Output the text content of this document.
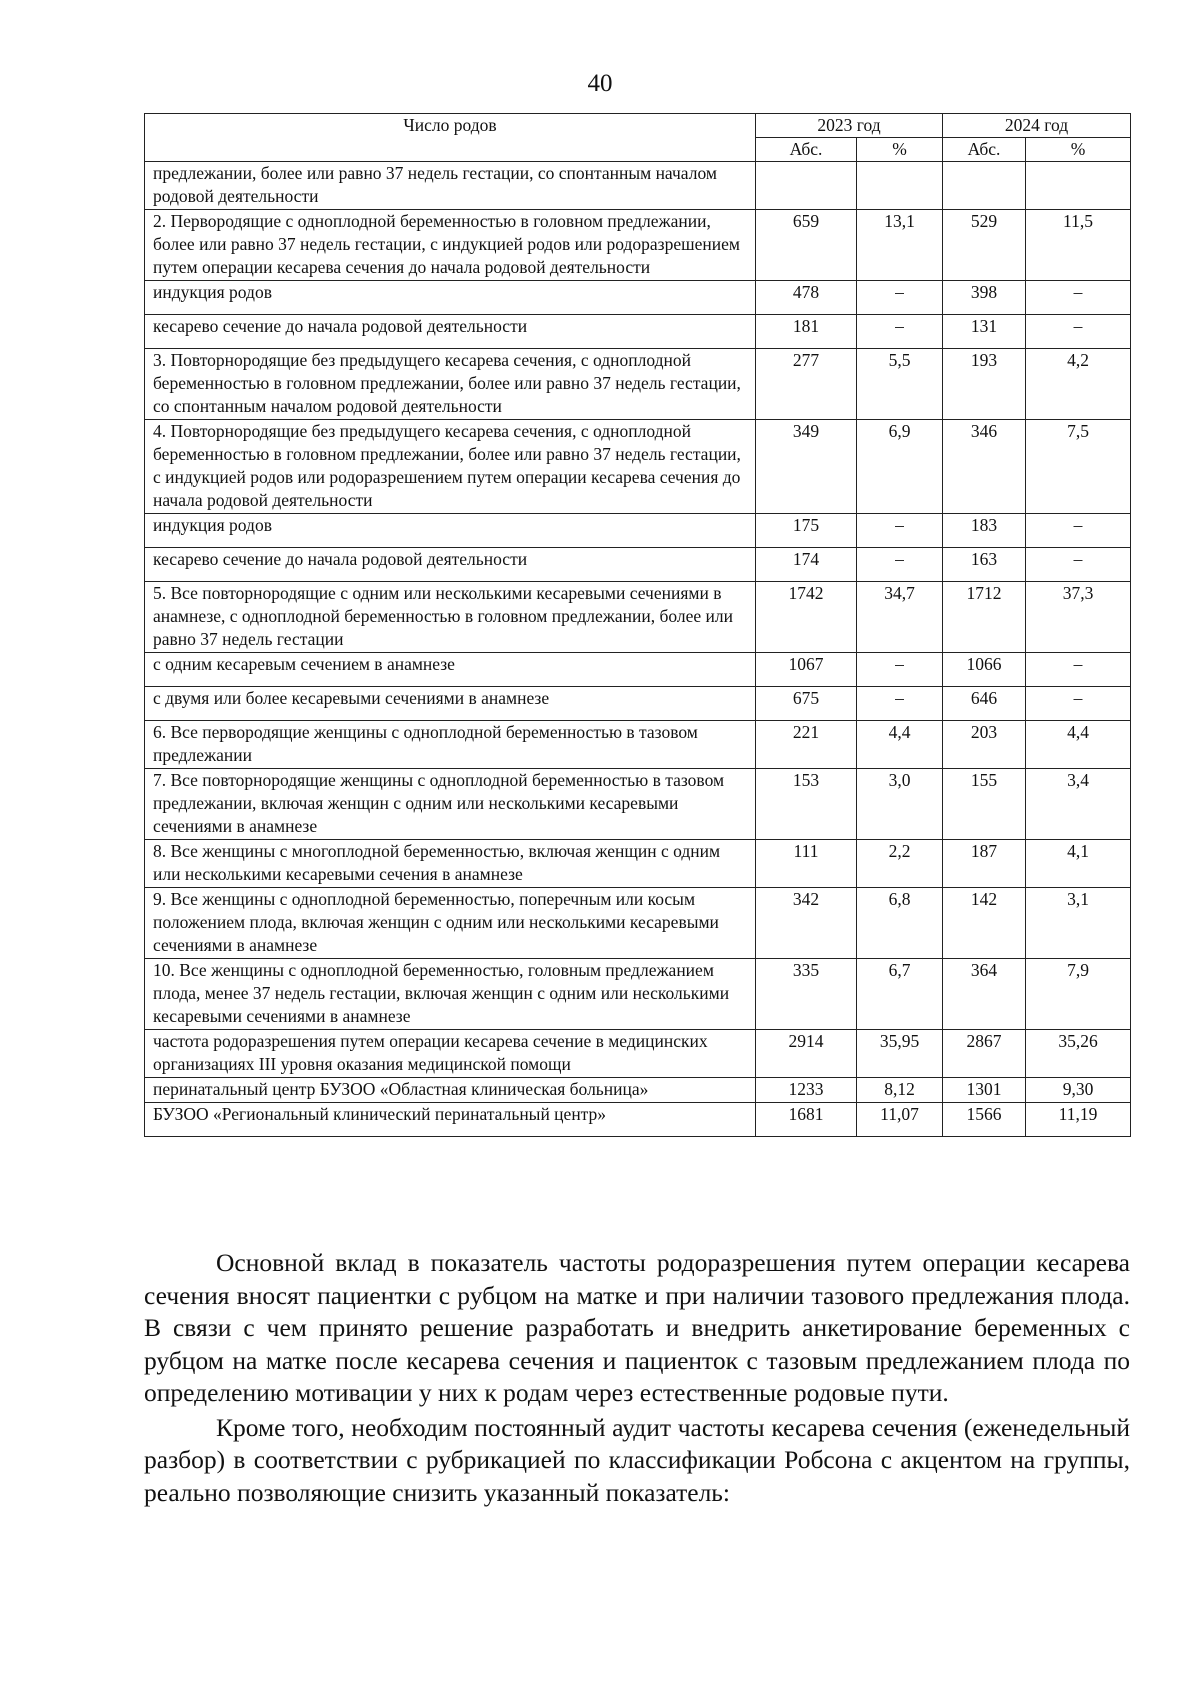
40
Число родов	2023 год		2024 год	
	Абс.	%	Абс.	%
предлежании, более или равно 37 недель гестации, со спонтанным началом родовой деятельности				
2. Первородящие с одноплодной беременностью в головном предлежании, более или равно 37 недель гестации, с индукцией родов или родоразрешением путем операции кесарева сечения до начала родовой деятельности	659	13,1	529	11,5
индукция родов	478	–	398	–
кесарево сечение до начала родовой деятельности	181	–	131	–
3. Повторнородящие без предыдущего кесарева сечения, с одноплодной беременностью в головном предлежании, более или равно 37 недель гестации, со спонтанным началом родовой деятельности	277	5,5	193	4,2
4. Повторнородящие без предыдущего кесарева сечения, с одноплодной беременностью в головном предлежании, более или равно 37 недель гестации, с индукцией родов или родоразрешением путем операции кесарева сечения до начала родовой деятельности	349	6,9	346	7,5
индукция родов	175	–	183	–
кесарево сечение до начала родовой деятельности	174	–	163	–
5. Все повторнородящие с одним или несколькими кесаревыми сечениями в анамнезе, с одноплодной беременностью в головном предлежании, более или равно 37 недель гестации	1742	34,7	1712	37,3
с одним кесаревым сечением в анамнезе	1067	–	1066	–
с двумя или более кесаревыми сечениями в анамнезе	675	–	646	–
6. Все первородящие женщины с одноплодной беременностью в тазовом предлежании	221	4,4	203	4,4
7. Все повторнородящие женщины с одноплодной беременностью в тазовом предлежании, включая женщин с одним или несколькими кесаревыми сечениями в анамнезе	153	3,0	155	3,4
8. Все женщины с многоплодной беременностью, включая женщин с одним или несколькими кесаревыми сечения в анамнезе	111	2,2	187	4,1
9. Все женщины с одноплодной беременностью, поперечным или косым положением плода, включая женщин с одним или несколькими кесаревыми сечениями в анамнезе	342	6,8	142	3,1
10. Все женщины с одноплодной беременностью, головным предлежанием плода, менее 37 недель гестации, включая женщин с одним или несколькими кесаревыми сечениями в анамнезе	335	6,7	364	7,9
частота родоразрешения путем операции кесарева сечение в медицинских организациях III уровня оказания медицинской помощи	2914	35,95	2867	35,26
перинатальный центр БУЗОО «Областная клиническая больница»	1233	8,12	1301	9,30
БУЗОО «Региональный клинический перинатальный центр»	1681	11,07	1566	11,19

Основной вклад в показатель частоты родоразрешения путем операции кесарева сечения вносят пациентки с рубцом на матке и при наличии тазового предлежания плода. В связи с чем принято решение разработать и внедрить анкетирование беременных с рубцом на матке после кесарева сечения и пациенток с тазовым предлежанием плода по определению мотивации у них к родам через естественные родовые пути.

Кроме того, необходим постоянный аудит частоты кесарева сечения (еженедельный разбор) в соответствии с рубрикацией по классификации Робсона с акцентом на группы, реально позволяющие снизить указанный показатель:
